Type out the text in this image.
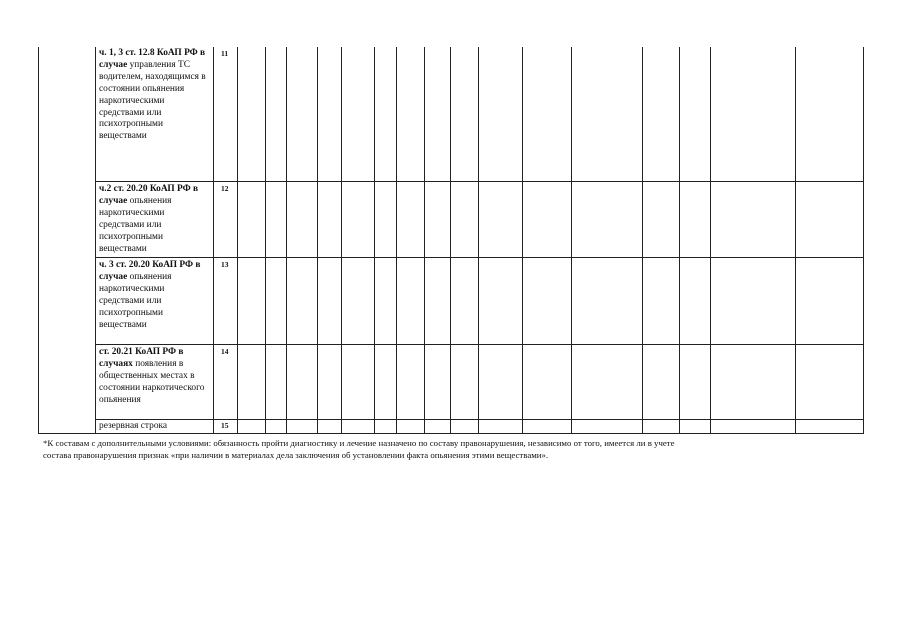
ч. 1, 3 ст. 12.8 КоАП РФ в случае управления ТС водителем, находящимся в состоянии опьянения наркотическими средствами или психотропными веществами
11
ч.2 ст. 20.20 КоАП РФ в случае опьянения наркотическими средствами или психотропными веществами
12
ч. 3 ст. 20.20 КоАП РФ в случае опьянения наркотическими средствами или психотропными веществами
13
ст. 20.21 КоАП РФ в случаях появления в общественных местах в состоянии наркотического опьянения
14
резервная строка	15
*К составам с дополнительными условиями: обязанность пройти диагностику и лечение назначено по составу правонарушения, независимо от того, имеется ли в учете
состава правонарушения признак «при наличии в материалах дела заключения об установлении факта опьянения этими веществами».
